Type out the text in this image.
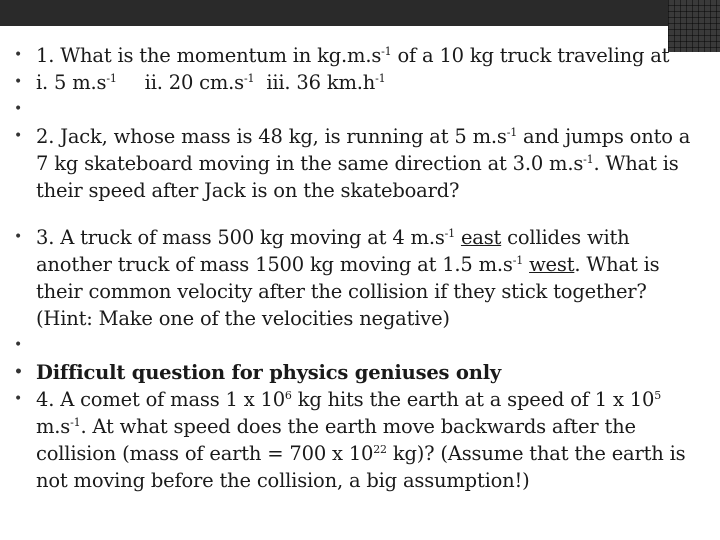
• 1. What is the momentum in $kg.m.s^{-1}$ of a 10 kg truck traveling at
• i. 5 $m.s^{-1}$ ii. 20 $cm.s^{-1}$ iii. 36 $km.h^{-1}$
•
• 2. Jack, whose mass is 48 kg, is running at 5 $m.s^{-1}$ and jumps onto a 7 kg skateboard moving in the same direction at 3.0 $m.s^{-1}$. What is their speed after Jack is on the skateboard?
• 3. A truck of mass 500 kg moving at 4 $m.s^{-1}$ east collides with another truck of mass 1500 kg moving at 1.5 $m.s^{-1}$ west. What is their common velocity after the collision if they stick together? (Hint: Make one of the velocities negative)
•
• Difficult question for physics geniuses only
• 4. A comet of mass 1 x $10^6$ kg hits the earth at a speed of 1 x $10^5$ $m.s^{-1}$. At what speed does the earth move backwards after the collision (mass of earth = 700 x $10^{22}$ kg)? (Assume that the earth is not moving before the collision, a big assumption!)
